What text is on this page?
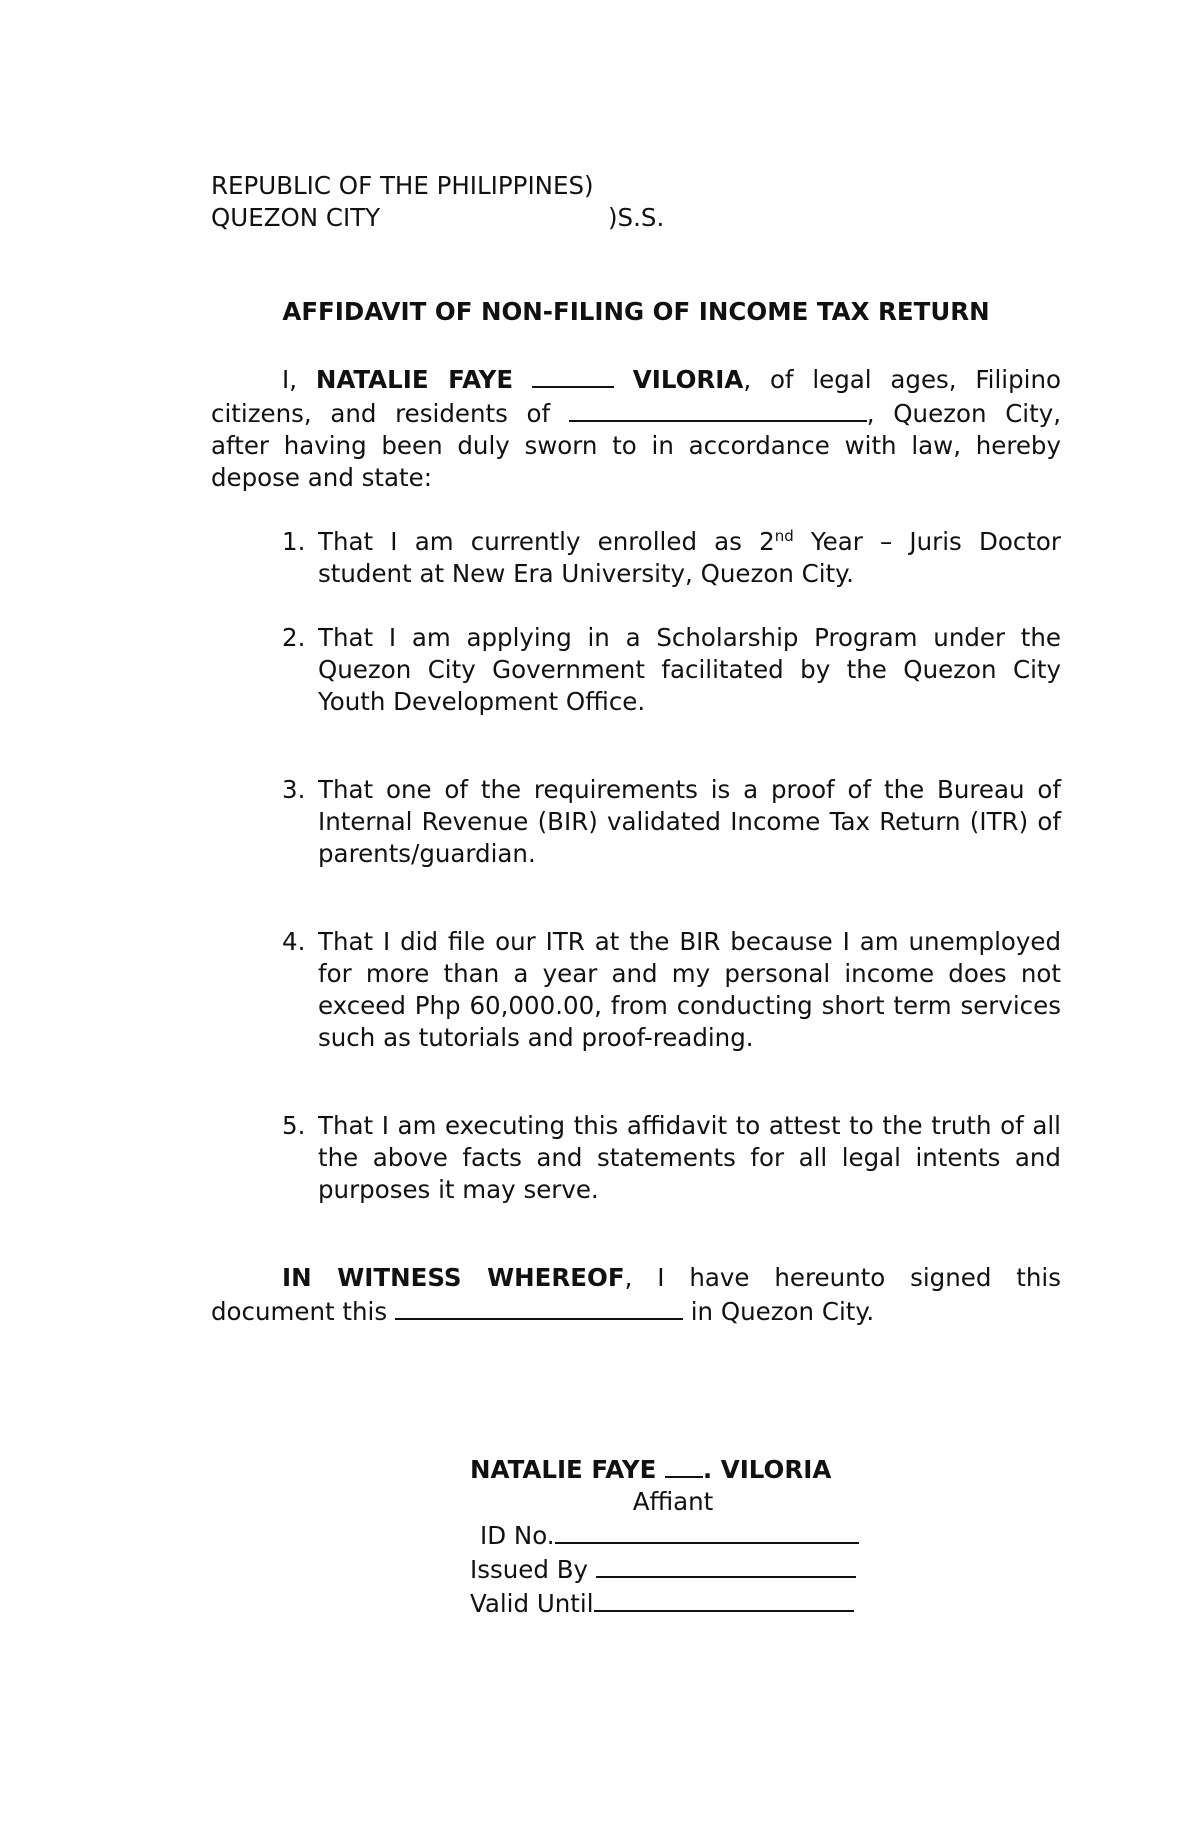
REPUBLIC OF THE PHILIPPINES)
QUEZON CITY	)S.S.
AFFIDAVIT OF NON-FILING OF INCOME TAX RETURN
I, NATALIE FAYE	VILORIA, of legal ages, Filipino citizens, and residents of	, Quezon City, after having been duly sworn to in accordance with law, hereby depose and state:
1. That I am currently enrolled as 2nd Year – Juris Doctor student at New Era University, Quezon City.
2. That I am applying in a Scholarship Program under the Quezon City Government facilitated by the Quezon City Youth Development Office.
3. That one of the requirements is a proof of the Bureau of Internal Revenue (BIR) validated Income Tax Return (ITR) of parents/guardian.
4. That I did file our ITR at the BIR because I am unemployed for more than a year and my personal income does not exceed Php 60,000.00, from conducting short term services such as tutorials and proof-reading.
5. That I am executing this affidavit to attest to the truth of all the above facts and statements for all legal intents and purposes it may serve.
IN WITNESS WHEREOF, I have hereunto signed this document this	in Quezon City.
NATALIE FAYE . VILORIA
Affiant
ID No.
Issued By
Valid Until
